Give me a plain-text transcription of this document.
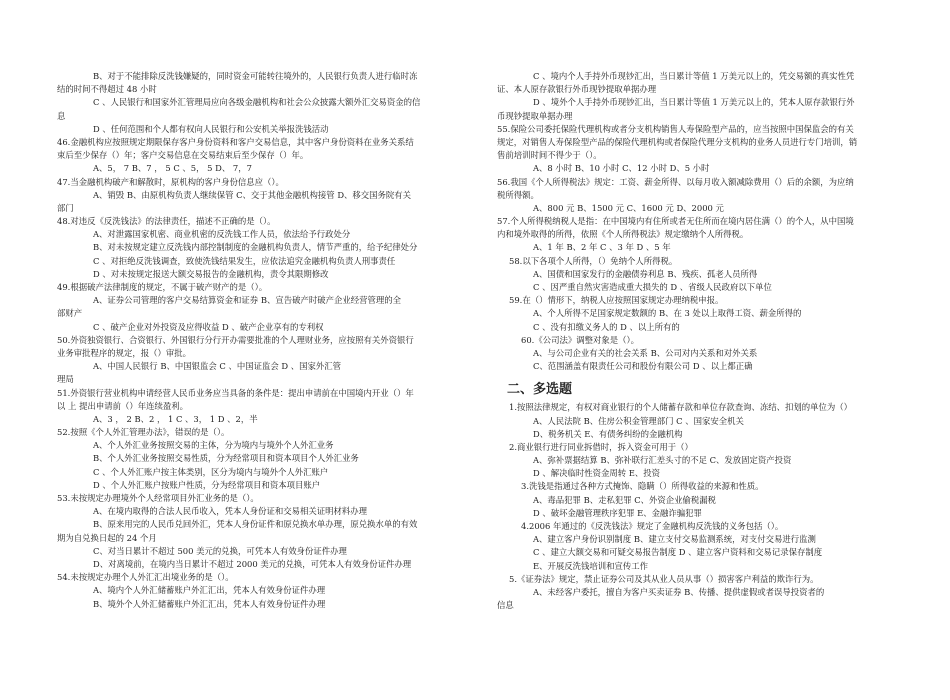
B、对于不能排除反洗钱嫌疑的，同时资金可能转往境外的，人民银行负责人进行临时冻
结的时间不得超过 48 小时
C 、人民银行和国家外汇管理局应向各级金融机构和社会公众披露大额外汇交易资金的信
息
D 、任何范围和个人都有权向人民银行和公安机关举报洗钱活动
46.金融机构应按照规定期限保存客户身份资料和客户交易信息，其中客户身份资料在业务关系结
束后至少保存（）年；客户交易信息在交易结束后至少保存（）年。
A、5， 7 B、7 ， 5 C 、5， 5 D、 7，7
47.当金融机构破产和解散时，原机构的客户身份信息应（）。
A、销毁 B、由原机构负责人继续保管 C、交于其他金融机构接管 D、移交国务院有关
部门
48.对违反《反洗钱法》的法律责任，描述不正确的是（）。
A、对泄露国家机密、商业机密的反洗钱工作人员，依法给予行政处分
B、对未按规定建立反洗钱内部控制制度的金融机构负责人，情节严重的，给予纪律处分
C 、对拒绝反洗钱调查，致使洗钱结果发生，应依法追究金融机构负责人刑事责任
D 、对未按规定报送大额交易报告的金融机构，责令其限期修改
49.根据破产法律制度的规定，不属于破产财产的是（）。
A、证券公司管理的客户交易结算资金和证券 B、宣告破产时破产企业经营管理的全
部财产
C 、破产企业对外投资及应得收益 D 、破产企业享有的专利权
50.外资独资银行、合资银行、外国银行分行开办需要批准的个人理财业务，应按照有关外资银行
业务审批程序的规定，报（）审批。
A、中国人民银行 B、中国银监会 C 、中国证监会 D 、国家外汇管
理局
51.外资银行营业机构申请经营人民币业务应当具备的条件是：提出申请前在中国境内开业（）年
以 上 提出申请前（）年连续盈利。
A、3 ， 2 B、2 ， 1 C 、3， 1 D 、2，半
52.按照《个人外汇管理办法》，错误的是（）。
A、个人外汇业务按照交易的主体，分为境内与境外个人外汇业务
B、个人外汇业务按照交易性质，分为经常项目和资本项目个人外汇业务
C 、个人外汇账户按主体类别，区分为境内与境外个人外汇账户
D 、个人外汇账户按账户性质，分为经常项目和资本项目账户
53.未按规定办理境外个人经常项目外汇业务的是（）。
A、在境内取得的合法人民币收入，凭本人身份证和交易相关证明材料办理
B、原来用完的人民币兑回外汇，凭本人身份证件和原兑换水单办理，原兑换水单的有效
期为自兑换日起的 24 个月
C、对当日累计不超过 500 美元的兑换，可凭本人有效身份证件办理
D、对离境前，在境内当日累计不超过 2000 美元的兑换，可凭本人有效身份证件办理
54.未按规定办理个人外汇汇出境业务的是（）。
A、境内个人外汇储蓄账户外汇汇出，凭本人有效身份证件办理
B、境外个人外汇储蓄账户外汇汇出，凭本人有效身份证件办理
C 、境内个人手持外币现钞汇出，当日累计等值 1 万美元以上的，凭交易额的真实性凭
证、本人原存款银行外币现钞提取单据办理
D 、境外个人手持外币现钞汇出，当日累计等值 1 万美元以上的，凭本人原存款银行外
币现钞提取单据办理
55.保险公司委托保险代理机构或者分支机构销售人寿保险型产品的，应当按照中国保监会的有关
规定，对销售人寿保险型产品的保险代理机构或者保险代理分支机构的业务人员进行专门培训，销
售前培训时间不得少于（）。
A、8 小时 B、10 小时 C、12 小时 D、5 小时
56.我国《个人所得税法》规定：工资、薪金所得、以每月收入额减除费用（）后的余额，为应纳
税所得额。
A、800 元 B、1500 元 C、1600 元 D、2000 元
57.个人所得税纳税人是指：在中国境内有住所或者无住所而在境内居住满（）的个人，从中国境
内和境外取得的所得，依照《个人所得税法》规定缴纳个人所得税。
A、1 年 B、2 年 C 、3 年 D 、5 年
58.以下各项个人所得，（）免纳个人所得税。
A、国债和国家发行的金融债券利息 B、残疾、孤老人员所得
C 、因严重自然灾害造成重大损失的 D 、省级人民政府以下单位
59.在（）情形下，纳税人应按照国家规定办理纳税申报。
A、个人所得不足国家规定数额的 B、在 3 处以上取得工资、薪金所得的
C 、没有扣缴义务人的 D 、以上所有的
60.《公司法》调整对象是（）。
A、与公司企业有关的社会关系 B、公司对内关系和对外关系
C、范围涵盖有限责任公司和股份有限公司 D 、以上都正确
二、多选题
1.按照法律规定，有权对商业银行的个人储蓄存款和单位存款查询、冻结、扣划的单位为（）
A、人民法院 B、住房公积金管理部门 C 、国家安全机关
D、税务机关 E、有债务纠纷的金融机构
2.商业银行进行同业拆借时，拆入资金可用于（）
A、弥补票据结算 B、弥补联行汇差头寸的不足 C、发放固定资产投资
D 、解决临时性资金周转 E、投资
3.洗钱是指通过各种方式掩饰、隐瞒（）所得收益的来源和性质。
A、毒品犯罪 B、走私犯罪 C、外资企业偷税漏税
D 、破坏金融管理秩序犯罪 E、金融诈骗犯罪
4.2006 年通过的《反洗钱法》规定了金融机构反洗钱的义务包括（）。
A、建立客户身份识别制度 B、建立支付交易监测系统，对支付交易进行监测
C 、建立大额交易和可疑交易报告制度 D 、建立客户资料和交易记录保存制度
E、开展反洗钱培训和宣传工作
5.《证券法》规定，禁止证券公司及其从业人员从事（）损害客户利益的欺诈行为。
A、未经客户委托，擅自为客户买卖证券 B、传播、提供虚假或者误导投资者的
信息
